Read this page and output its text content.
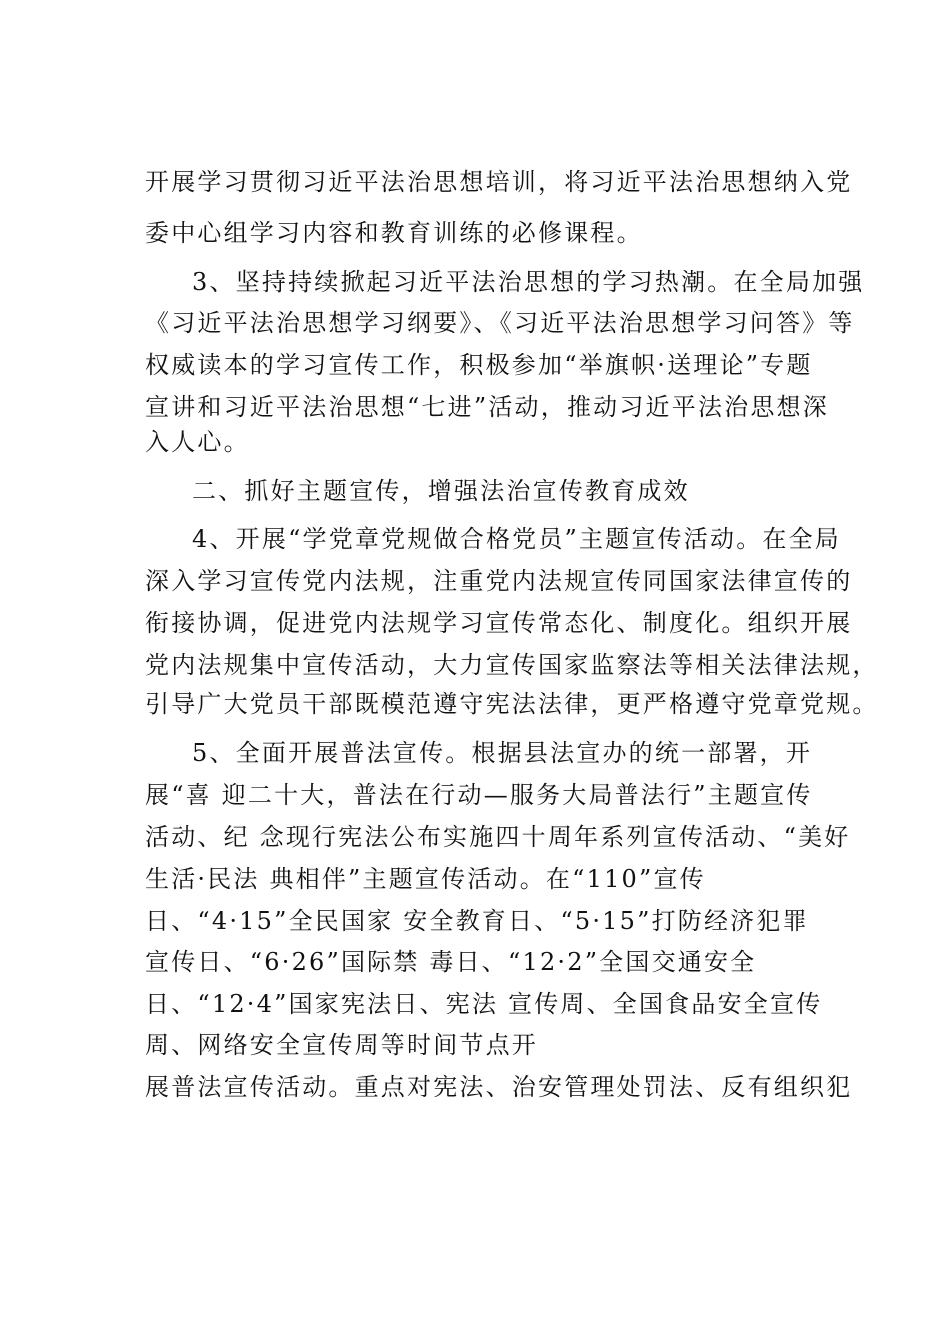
开展学习贯彻习近平法治思想培训，将习近平法治思想纳入党
委中心组学习内容和教育训练的必修课程。
3、坚持持续掀起习近平法治思想的学习热潮。在全局加强
《习近平法治思想学习纲要》、《习近平法治思想学习问答》等
权威读本的学习宣传工作，积极参加“举旗帜·送理论”专题
宣讲和习近平法治思想“七进”活动，推动习近平法治思想深
入人心。
二、抓好主题宣传，增强法治宣传教育成效
4、开展“学党章党规做合格党员”主题宣传活动。在全局
深入学习宣传党内法规，注重党内法规宣传同国家法律宣传的
衔接协调，促进党内法规学习宣传常态化、制度化。组织开展
党内法规集中宣传活动，大力宣传国家监察法等相关法律法规，
引导广大党员干部既模范遵守宪法法律，更严格遵守党章党规。
5、全面开展普法宣传。根据县法宣办的统一部署，开
展“喜 迎二十大，普法在行动—服务大局普法行”主题宣传
活动、纪 念现行宪法公布实施四十周年系列宣传活动、“美好
生活·民法 典相伴”主题宣传活动。在“110”宣传
日、“4·15”全民国家 安全教育日、“5·15”打防经济犯罪
宣传日、“6·26”国际禁 毒日、“12·2”全国交通安全
日、“12·4”国家宪法日、宪法 宣传周、全国食品安全宣传
周、网络安全宣传周等时间节点开
展普法宣传活动。重点对宪法、治安管理处罚法、反有组织犯
